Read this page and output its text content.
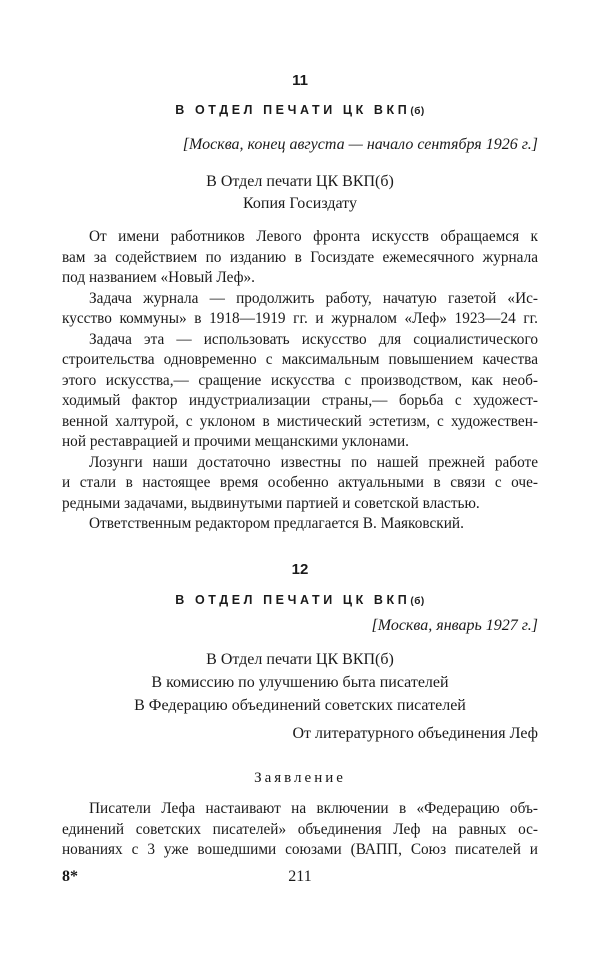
11

В ОТДЕЛ ПЕЧАТИ ЦК ВКП(б)

[Москва, конец августа — начало сентября 1926 г.]

В Отдел печати ЦК ВКП(б)

Копия Госиздату

От имени работников Левого фронта искусств обращаемся к
вам за содействием по изданию в Госиздате ежемесячного журнала
под названием «Новый Леф».
Задача журнала — продолжить работу, начатую газетой «Ис-
кусство коммуны» в 1918—1919 гг. и журналом «Леф» 1923—24 гг.
Задача эта — использовать искусство для социалистического
строительства одновременно с максимальным повышением качества
этого искусства,— сращение искусства с производством, как необ-
ходимый фактор индустриализации страны,— борьба с художест-
венной халтурой, с уклоном в мистический эстетизм, с художествен-
ной реставрацией и прочими мещанскими уклонами.
Лозунги наши достаточно известны по нашей прежней работе
и стали в настоящее время особенно актуальными в связи с оче-
редными задачами, выдвинутыми партией и советской властью.
Ответственным редактором предлагается В. Маяковский.

12

В ОТДЕЛ ПЕЧАТИ ЦК ВКП(б)

[Москва, январь 1927 г.]

В Отдел печати ЦК ВКП(б)

В комиссию по улучшению быта писателей

В Федерацию объединений советских писателей

От литературного объединения Леф

Заявление

Писатели Лефа настаивают на включении в «Федерацию объ-
единений советских писателей» объединения Леф на равных ос-
нованиях с 3 уже вошедшими союзами (ВАПП, Союз писателей и

8*	211
